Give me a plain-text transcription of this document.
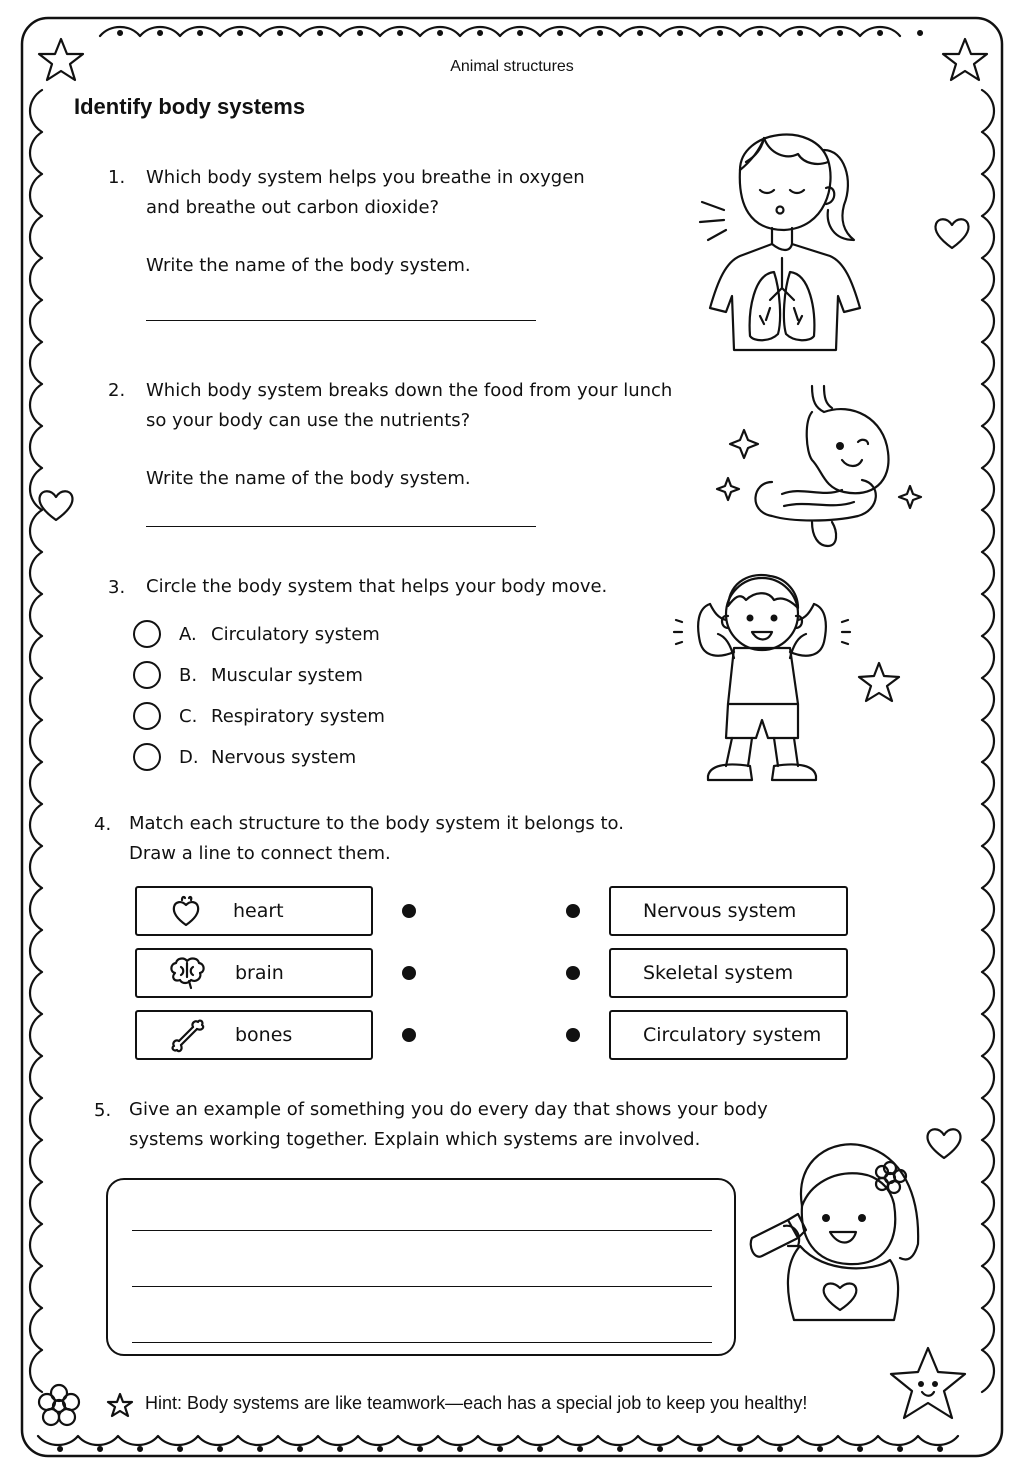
Animal structures
Identify body systems
1. Which body system helps you breathe in oxygen
and breathe out carbon dioxide?
Write the name of the body system.
2. Which body system breaks down the food from your lunch
so your body can use the nutrients?
Write the name of the body system.
3. Circle the body system that helps your body move.
A. Circulatory system
B. Muscular system
C. Respiratory system
D. Nervous system
4. Match each structure to the body system it belongs to.
Draw a line to connect them.
heart
brain
bones
Nervous system
Skeletal system
Circulatory system
5. Give an example of something you do every day that shows your body
systems working together. Explain which systems are involved.
Hint: Body systems are like teamwork—each has a special job to keep you healthy!
